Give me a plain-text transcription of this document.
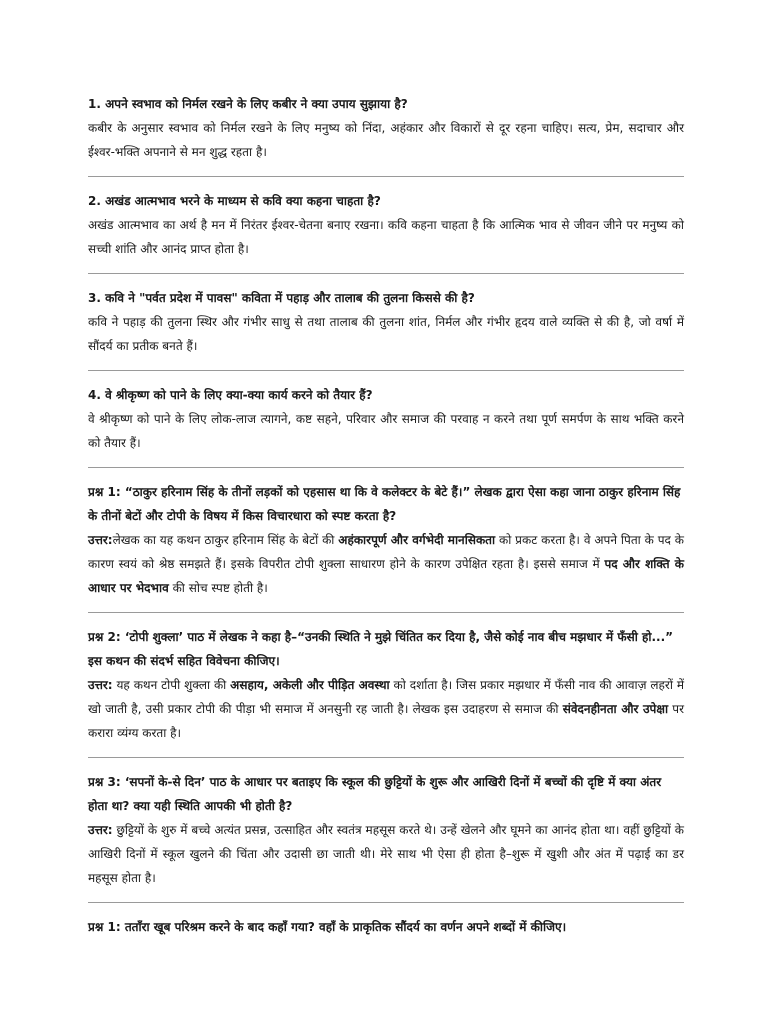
1. अपने स्वभाव को निर्मल रखने के लिए कबीर ने क्या उपाय सुझाया है?

कबीर के अनुसार स्वभाव को निर्मल रखने के लिए मनुष्य को निंदा, अहंकार और विकारों से दूर रहना चाहिए। सत्य, प्रेम, सदाचार और ईश्वर-भक्ति अपनाने से मन शुद्ध रहता है।

2. अखंड आत्मभाव भरने के माध्यम से कवि क्या कहना चाहता है?

अखंड आत्मभाव का अर्थ है मन में निरंतर ईश्वर-चेतना बनाए रखना। कवि कहना चाहता है कि आत्मिक भाव से जीवन जीने पर मनुष्य को सच्ची शांति और आनंद प्राप्त होता है।

3. कवि ने "पर्वत प्रदेश में पावस" कविता में पहाड़ और तालाब की तुलना किससे की है?

कवि ने पहाड़ की तुलना स्थिर और गंभीर साधु से तथा तालाब की तुलना शांत, निर्मल और गंभीर हृदय वाले व्यक्ति से की है, जो वर्षा में सौंदर्य का प्रतीक बनते हैं।

4. वे श्रीकृष्ण को पाने के लिए क्या-क्या कार्य करने को तैयार हैं?

वे श्रीकृष्ण को पाने के लिए लोक-लाज त्यागने, कष्ट सहने, परिवार और समाज की परवाह न करने तथा पूर्ण समर्पण के साथ भक्ति करने को तैयार हैं।

प्रश्न 1: “ठाकुर हरिनाम सिंह के तीनों लड़कों को एहसास था कि वे कलेक्टर के बेटे हैं।” लेखक द्वारा ऐसा कहा जाना ठाकुर हरिनाम सिंह के तीनों बेटों और टोपी के विषय में किस विचारधारा को स्पष्ट करता है?

उत्तर:लेखक का यह कथन ठाकुर हरिनाम सिंह के बेटों की अहंकारपूर्ण और वर्गभेदी मानसिकता को प्रकट करता है। वे अपने पिता के पद के कारण स्वयं को श्रेष्ठ समझते हैं। इसके विपरीत टोपी शुक्ला साधारण होने के कारण उपेक्षित रहता है। इससे समाज में पद और शक्ति के आधार पर भेदभाव की सोच स्पष्ट होती है।

प्रश्न 2: ‘टोपी शुक्ला’ पाठ में लेखक ने कहा है–“उनकी स्थिति ने मुझे चिंतित कर दिया है, जैसे कोई नाव बीच मझधार में फँसी हो...” इस कथन की संदर्भ सहित विवेचना कीजिए।

उत्तर: यह कथन टोपी शुक्ला की असहाय, अकेली और पीड़ित अवस्था को दर्शाता है। जिस प्रकार मझधार में फँसी नाव की आवाज़ लहरों में खो जाती है, उसी प्रकार टोपी की पीड़ा भी समाज में अनसुनी रह जाती है। लेखक इस उदाहरण से समाज की संवेदनहीनता और उपेक्षा पर करारा व्यंग्य करता है।

प्रश्न 3: ‘सपनों के-से दिन’ पाठ के आधार पर बताइए कि स्कूल की छुट्टियों के शुरू और आखिरी दिनों में बच्चों की दृष्टि में क्या अंतर होता था? क्या यही स्थिति आपकी भी होती है?

उत्तर: छुट्टियों के शुरु में बच्चे अत्यंत प्रसन्न, उत्साहित और स्वतंत्र महसूस करते थे। उन्हें खेलने और घूमने का आनंद होता था। वहीं छुट्टियों के आखिरी दिनों में स्कूल खुलने की चिंता और उदासी छा जाती थी। मेरे साथ भी ऐसा ही होता है–शुरू में खुशी और अंत में पढ़ाई का डर महसूस होता है।

प्रश्न 1: तताँरा खूब परिश्रम करने के बाद कहाँ गया? वहाँ के प्राकृतिक सौंदर्य का वर्णन अपने शब्दों में कीजिए।
